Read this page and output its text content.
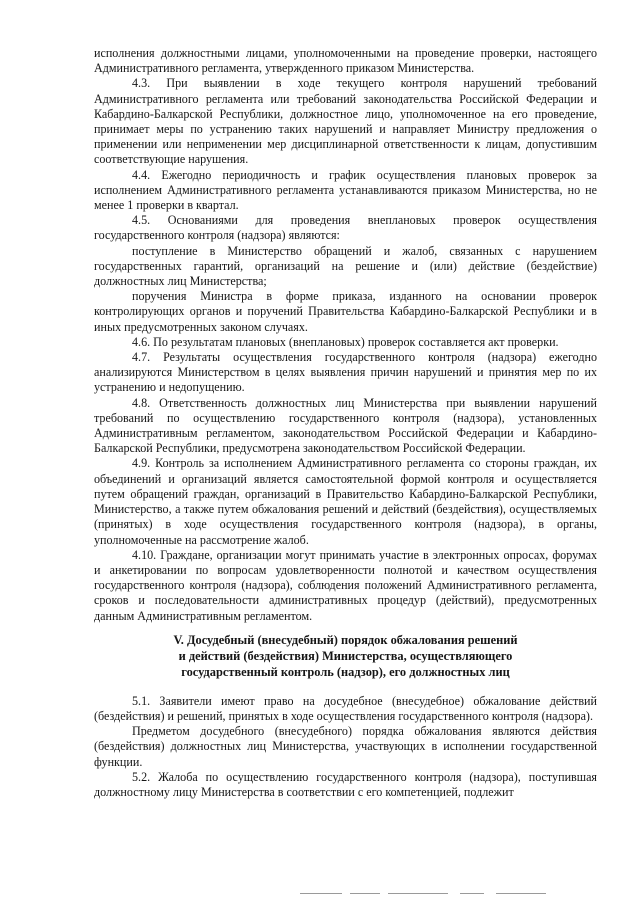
исполнения должностными лицами, уполномоченными на проведение проверки, настоящего Административного регламента, утвержденного приказом Министерства.

4.3. При выявлении в ходе текущего контроля нарушений требований Административного регламента или требований законодательства Российской Федерации и Кабардино-Балкарской Республики, должностное лицо, уполномоченное на его проведение, принимает меры по устранению таких нарушений и направляет Министру предложения о применении или неприменении мер дисциплинарной ответственности к лицам, допустившим соответствующие нарушения.

4.4. Ежегодно периодичность и график осуществления плановых проверок за исполнением Административного регламента устанавливаются приказом Министерства, но не менее 1 проверки в квартал.

4.5. Основаниями для проведения внеплановых проверок осуществления государственного контроля (надзора) являются:

поступление в Министерство обращений и жалоб, связанных с нарушением государственных гарантий, организаций на решение и (или) действие (бездействие) должностных лиц Министерства;

поручения Министра в форме приказа, изданного на основании проверок контролирующих органов и поручений Правительства Кабардино-Балкарской Республики и в иных предусмотренных законом случаях.

4.6. По результатам плановых (внеплановых) проверок составляется акт проверки.

4.7. Результаты осуществления государственного контроля (надзора) ежегодно анализируются Министерством в целях выявления причин нарушений и принятия мер по их устранению и недопущению.

4.8. Ответственность должностных лиц Министерства при выявлении нарушений требований по осуществлению государственного контроля (надзора), установленных Административным регламентом, законодательством Российской Федерации и Кабардино-Балкарской Республики, предусмотрена законодательством Российской Федерации.

4.9. Контроль за исполнением Административного регламента со стороны граждан, их объединений и организаций является самостоятельной формой контроля и осуществляется путем обращений граждан, организаций в Правительство Кабардино-Балкарской Республики, Министерство, а также путем обжалования решений и действий (бездействия), осуществляемых (принятых) в ходе осуществления государственного контроля (надзора), в органы, уполномоченные на рассмотрение жалоб.

4.10. Граждане, организации могут принимать участие в электронных опросах, форумах и анкетировании по вопросам удовлетворенности полнотой и качеством осуществления государственного контроля (надзора), соблюдения положений Административного регламента, сроков и последовательности административных процедур (действий), предусмотренных данным Административным регламентом.

V. Досудебный (внесудебный) порядок обжалования решений
и действий (бездействия) Министерства, осуществляющего
государственный контроль (надзор), его должностных лиц

5.1. Заявители имеют право на досудебное (внесудебное) обжалование действий (бездействия) и решений, принятых в ходе осуществления государственного контроля (надзора).

Предметом досудебного (внесудебного) порядка обжалования являются действия (бездействия) должностных лиц Министерства, участвующих в исполнении государственной функции.

5.2. Жалоба по осуществлению государственного контроля (надзора), поступившая должностному лицу Министерства в соответствии с его компетенцией, подлежит
